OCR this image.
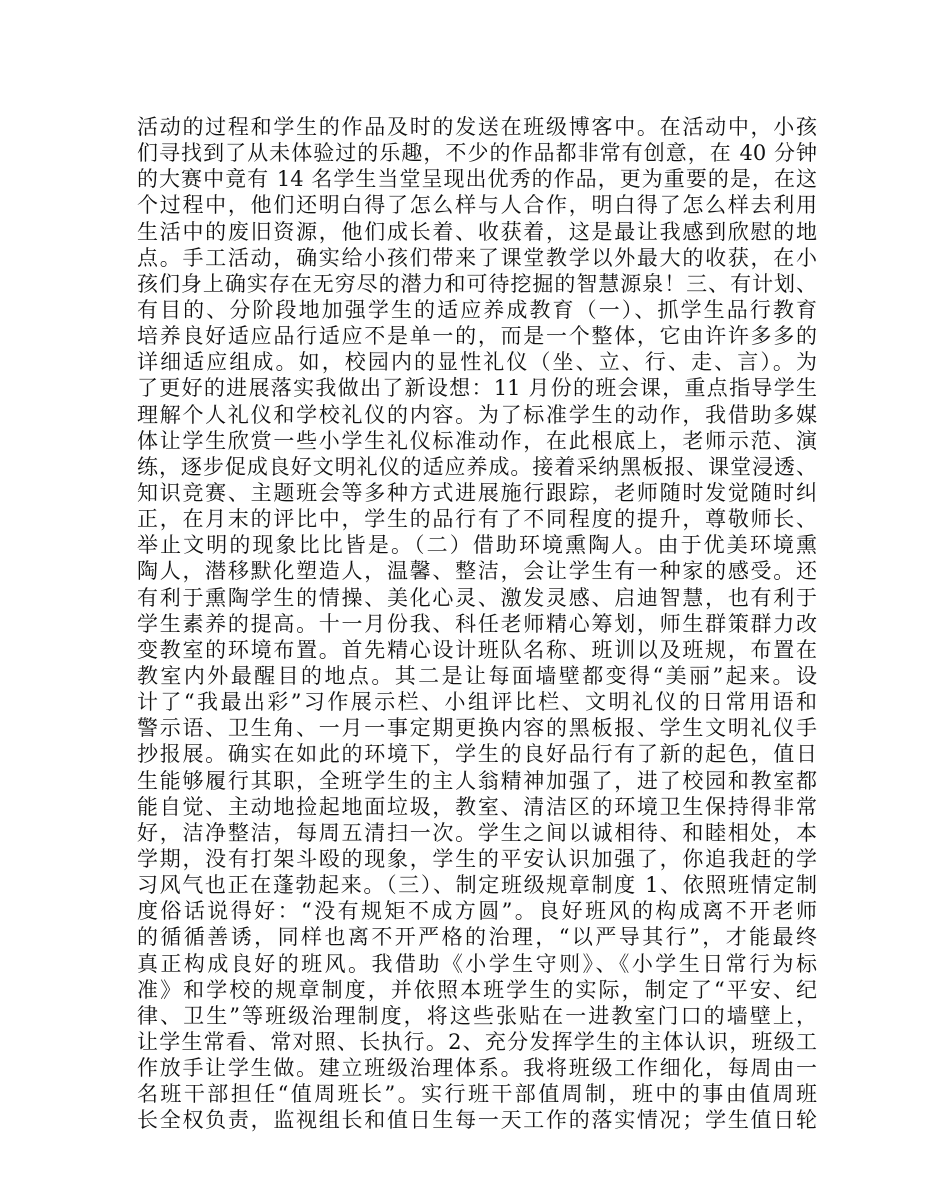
活动的过程和学生的作品及时的发送在班级博客中。在活动中，小孩
们寻找到了从未体验过的乐趣，不少的作品都非常有创意，在 40 分钟
的大赛中竟有 14 名学生当堂呈现出优秀的作品，更为重要的是，在这
个过程中，他们还明白得了怎么样与人合作，明白得了怎么样去利用
生活中的废旧资源，他们成长着、收获着，这是最让我感到欣慰的地
点。手工活动，确实给小孩们带来了课堂教学以外最大的收获，在小
孩们身上确实存在无穷尽的潜力和可待挖掘的智慧源泉！三、有计划、
有目的、分阶段地加强学生的适应养成教育（一）、抓学生品行教育
培养良好适应品行适应不是单一的，而是一个整体，它由许许多多的
详细适应组成。如，校园内的显性礼仪（坐、立、行、走、言）。为
了更好的进展落实我做出了新设想：11 月份的班会课，重点指导学生
理解个人礼仪和学校礼仪的内容。为了标准学生的动作，我借助多媒
体让学生欣赏一些小学生礼仪标准动作，在此根底上，老师示范、演
练，逐步促成良好文明礼仪的适应养成。接着采纳黑板报、课堂浸透、
知识竞赛、主题班会等多种方式进展施行跟踪，老师随时发觉随时纠
正，在月末的评比中，学生的品行有了不同程度的提升，尊敬师长、
举止文明的现象比比皆是。（二）借助环境熏陶人。由于优美环境熏
陶人，潜移默化塑造人，温馨、整洁，会让学生有一种家的感受。还
有利于熏陶学生的情操、美化心灵、激发灵感、启迪智慧，也有利于
学生素养的提高。十一月份我、科任老师精心筹划，师生群策群力改
变教室的环境布置。首先精心设计班队名称、班训以及班规，布置在
教室内外最醒目的地点。其二是让每面墙壁都变得“美丽”起来。设
计了“我最出彩”习作展示栏、小组评比栏、文明礼仪的日常用语和
警示语、卫生角、一月一事定期更换内容的黑板报、学生文明礼仪手
抄报展。确实在如此的环境下，学生的良好品行有了新的起色，值日
生能够履行其职，全班学生的主人翁精神加强了，进了校园和教室都
能自觉、主动地捡起地面垃圾，教室、清洁区的环境卫生保持得非常
好，洁净整洁，每周五清扫一次。学生之间以诚相待、和睦相处，本
学期，没有打架斗殴的现象，学生的平安认识加强了，你追我赶的学
习风气也正在蓬勃起来。（三）、制定班级规章制度 1、依照班情定制
度俗话说得好：“没有规矩不成方圆”。良好班风的构成离不开老师
的循循善诱，同样也离不开严格的治理，“以严导其行”，才能最终
真正构成良好的班风。我借助《小学生守则》、《小学生日常行为标
准》和学校的规章制度，并依照本班学生的实际，制定了“平安、纪
律、卫生”等班级治理制度，将这些张贴在一进教室门口的墙壁上，
让学生常看、常对照、长执行。2、充分发挥学生的主体认识，班级工
作放手让学生做。建立班级治理体系。我将班级工作细化，每周由一
名班干部担任“值周班长”。实行班干部值周制，班中的事由值周班
长全权负责，监视组长和值日生每一天工作的落实情况；学生值日轮
